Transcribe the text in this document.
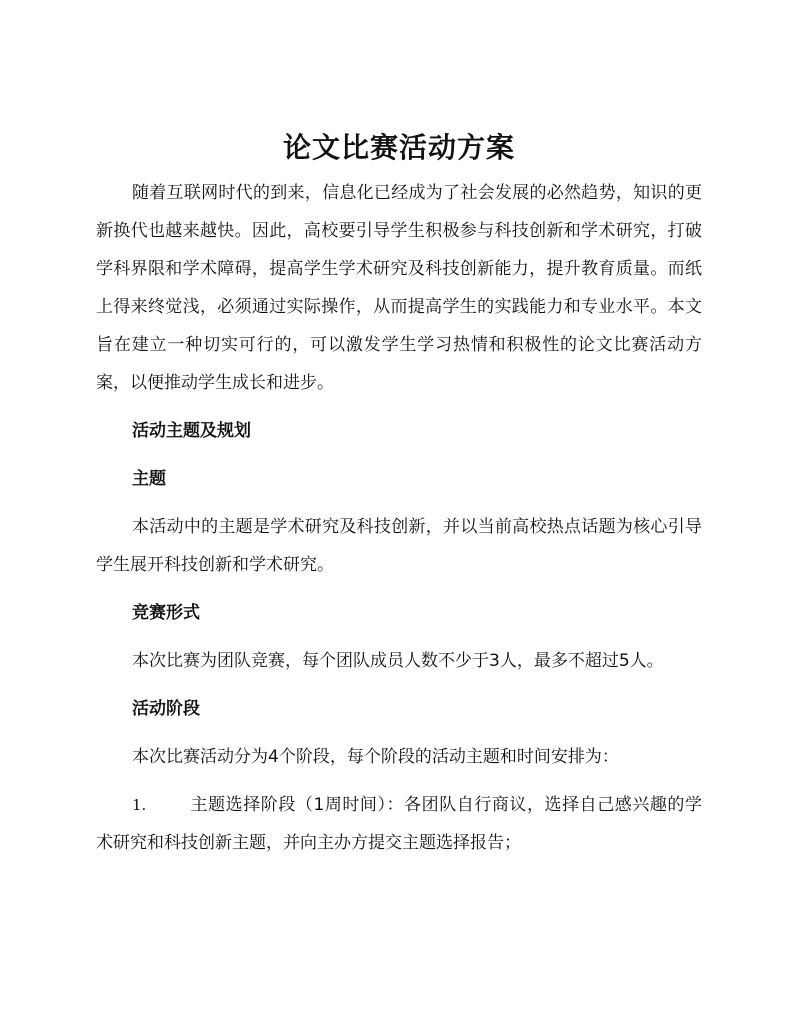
论文比赛活动方案

随着互联网时代的到来，信息化已经成为了社会发展的必然趋势，知识的更新换代也越来越快。因此，高校要引导学生积极参与科技创新和学术研究，打破学科界限和学术障碍，提高学生学术研究及科技创新能力，提升教育质量。而纸上得来终觉浅，必须通过实际操作，从而提高学生的实践能力和专业水平。本文旨在建立一种切实可行的，可以激发学生学习热情和积极性的论文比赛活动方案，以便推动学生成长和进步。

活动主题及规划

主题

本活动中的主题是学术研究及科技创新，并以当前高校热点话题为核心引导学生展开科技创新和学术研究。

竞赛形式

本次比赛为团队竞赛，每个团队成员人数不少于3人，最多不超过5人。

活动阶段

本次比赛活动分为4个阶段，每个阶段的活动主题和时间安排为：

1.	主题选择阶段（1周时间）：各团队自行商议，选择自己感兴趣的学术研究和科技创新主题，并向主办方提交主题选择报告；
